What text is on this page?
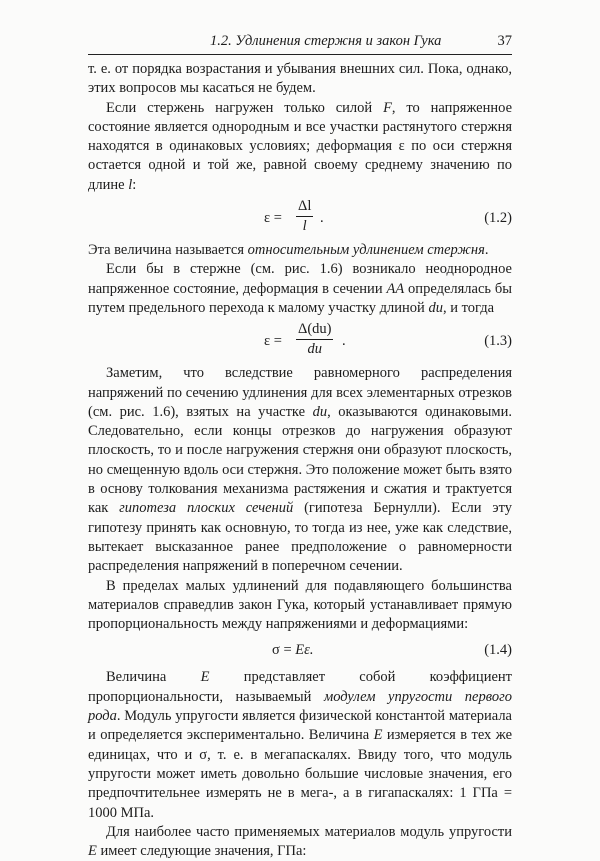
1.2. Удлинения стержня и закон Гука	37

т. е. от порядка возрастания и убывания внешних сил. Пока, однако, этих вопросов мы касаться не будем.

Если стержень нагружен только силой F, то напряженное состояние является однородным и все участки растянутого стержня находятся в одинаковых условиях; деформация ε по оси стержня остается одной и той же, равной своему среднему значению по длине l:

$\varepsilon = \frac{\Delta l}{l}$ .	(1.2)

Эта величина называется относительным удлинением стержня.

Если бы в стержне (см. рис. 1.6) возникало неоднородное напряженное состояние, деформация в сечении АА определялась бы путем предельного перехода к малому участку длиной du, и тогда

$\varepsilon = \frac{\Delta(du)}{du}$ .	(1.3)

Заметим, что вследствие равномерного распределения напряжений по сечению удлинения для всех элементарных отрезков (см. рис. 1.6), взятых на участке du, оказываются одинаковыми. Следовательно, если концы отрезков до нагружения образуют плоскость, то и после нагружения стержня они образуют плоскость, но смещенную вдоль оси стержня. Это положение может быть взято в основу толкования механизма растяжения и сжатия и трактуется как гипотеза плоских сечений (гипотеза Бернулли). Если эту гипотезу принять как основную, то тогда из нее, уже как следствие, вытекает высказанное ранее предположение о равномерности распределения напряжений в поперечном сечении.

В пределах малых удлинений для подавляющего большинства материалов справедлив закон Гука, который устанавливает прямую пропорциональность между напряжениями и деформациями:

σ = Eε.	(1.4)

Величина E представляет собой коэффициент пропорциональности, называемый модулем упругости первого рода. Модуль упругости является физической константой материала и определяется экспериментально. Величина E измеряется в тех же единицах, что и σ, т. е. в мегапаскалях. Ввиду того, что модуль упругости может иметь довольно большие числовые значения, его предпочтительнее измерять не в мега-, а в гигапаскалях: 1 ГПа = 1000 МПа.

Для наиболее часто применяемых материалов модуль упругости E имеет следующие значения, ГПа:
